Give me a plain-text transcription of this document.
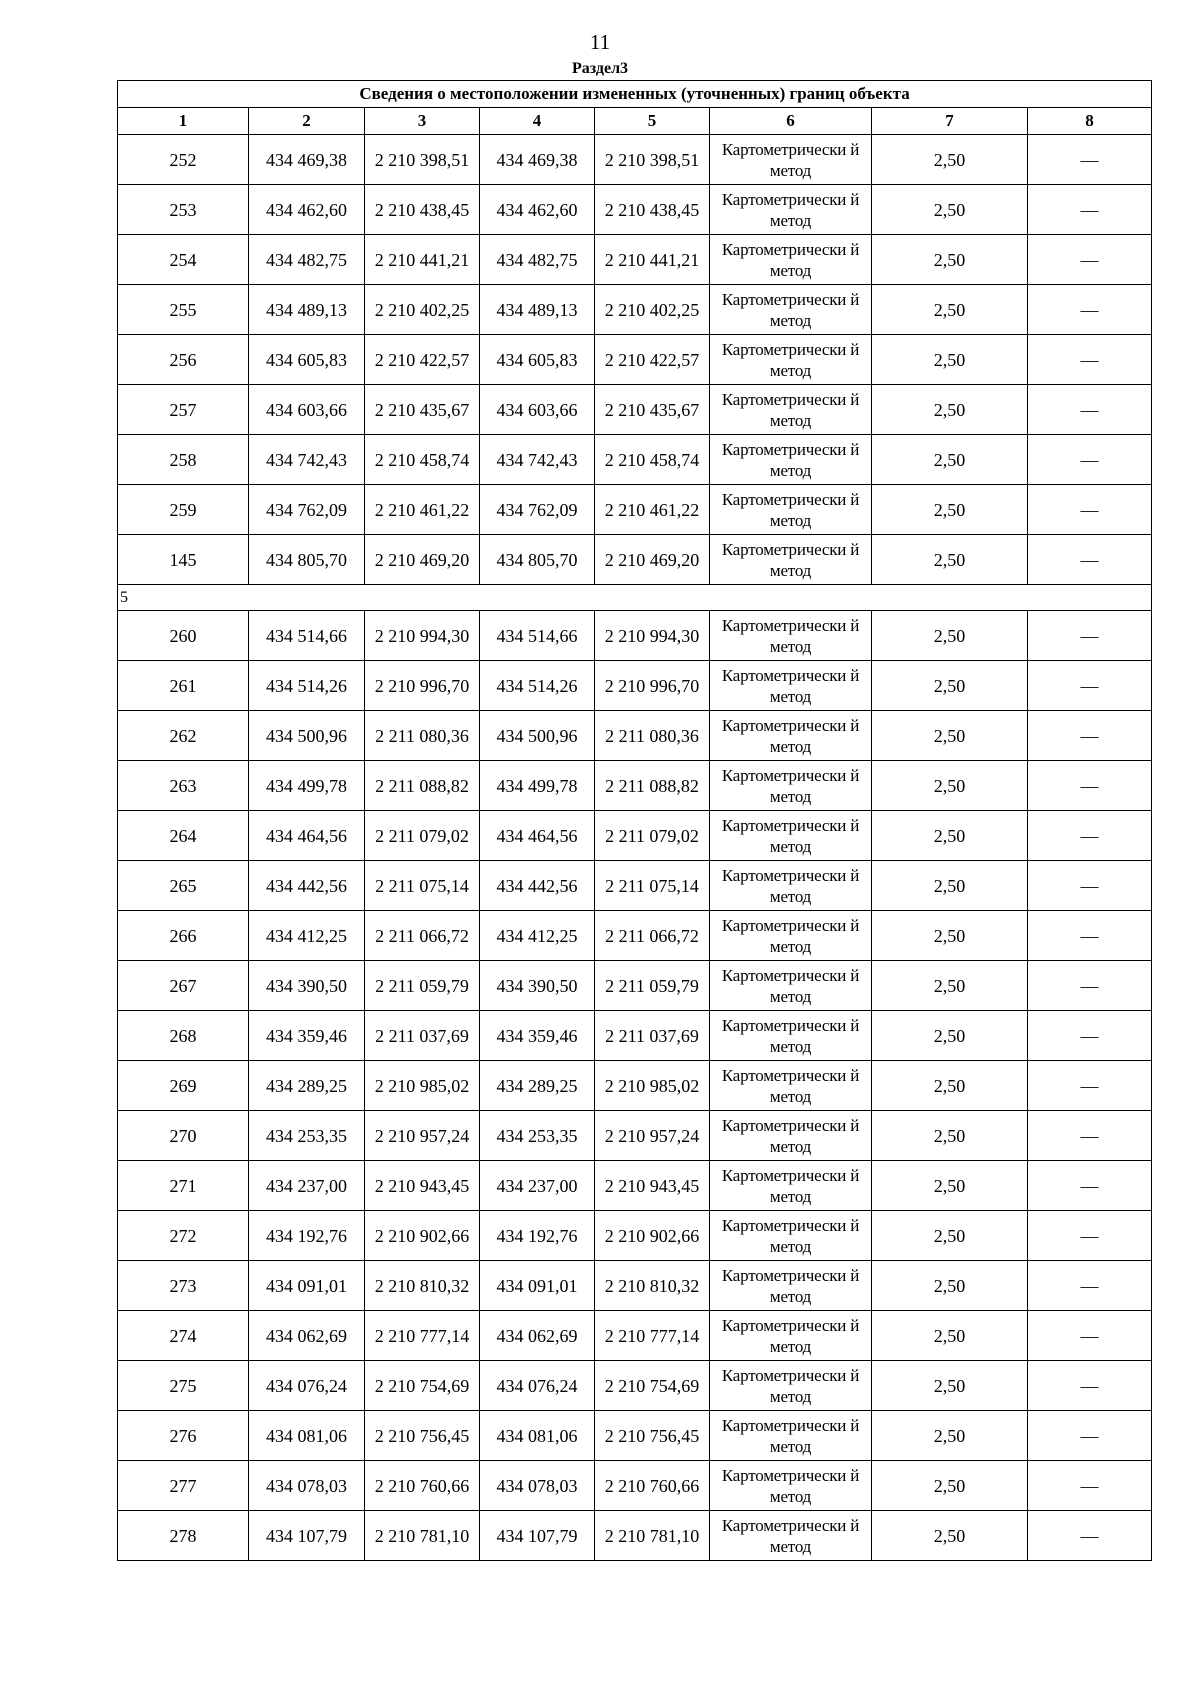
11
Раздел3
Сведения о местоположении измененных (уточненных) границ объекта							
1	2	3	4	5	6	7	8
252	434 469,38	2 210 398,51	434 469,38	2 210 398,51	Картометрически й метод	2,50	—
253	434 462,60	2 210 438,45	434 462,60	2 210 438,45	Картометрически й метод	2,50	—
254	434 482,75	2 210 441,21	434 482,75	2 210 441,21	Картометрически й метод	2,50	—
255	434 489,13	2 210 402,25	434 489,13	2 210 402,25	Картометрически й метод	2,50	—
256	434 605,83	2 210 422,57	434 605,83	2 210 422,57	Картометрически й метод	2,50	—
257	434 603,66	2 210 435,67	434 603,66	2 210 435,67	Картометрически й метод	2,50	—
258	434 742,43	2 210 458,74	434 742,43	2 210 458,74	Картометрически й метод	2,50	—
259	434 762,09	2 210 461,22	434 762,09	2 210 461,22	Картометрически й метод	2,50	—
145	434 805,70	2 210 469,20	434 805,70	2 210 469,20	Картометрически й метод	2,50	—
5							
260	434 514,66	2 210 994,30	434 514,66	2 210 994,30	Картометрически й метод	2,50	—
261	434 514,26	2 210 996,70	434 514,26	2 210 996,70	Картометрически й метод	2,50	—
262	434 500,96	2 211 080,36	434 500,96	2 211 080,36	Картометрически й метод	2,50	—
263	434 499,78	2 211 088,82	434 499,78	2 211 088,82	Картометрически й метод	2,50	—
264	434 464,56	2 211 079,02	434 464,56	2 211 079,02	Картометрически й метод	2,50	—
265	434 442,56	2 211 075,14	434 442,56	2 211 075,14	Картометрически й метод	2,50	—
266	434 412,25	2 211 066,72	434 412,25	2 211 066,72	Картометрически й метод	2,50	—
267	434 390,50	2 211 059,79	434 390,50	2 211 059,79	Картометрически й метод	2,50	—
268	434 359,46	2 211 037,69	434 359,46	2 211 037,69	Картометрически й метод	2,50	—
269	434 289,25	2 210 985,02	434 289,25	2 210 985,02	Картометрически й метод	2,50	—
270	434 253,35	2 210 957,24	434 253,35	2 210 957,24	Картометрически й метод	2,50	—
271	434 237,00	2 210 943,45	434 237,00	2 210 943,45	Картометрически й метод	2,50	—
272	434 192,76	2 210 902,66	434 192,76	2 210 902,66	Картометрически й метод	2,50	—
273	434 091,01	2 210 810,32	434 091,01	2 210 810,32	Картометрически й метод	2,50	—
274	434 062,69	2 210 777,14	434 062,69	2 210 777,14	Картометрически й метод	2,50	—
275	434 076,24	2 210 754,69	434 076,24	2 210 754,69	Картометрически й метод	2,50	—
276	434 081,06	2 210 756,45	434 081,06	2 210 756,45	Картометрически й метод	2,50	—
277	434 078,03	2 210 760,66	434 078,03	2 210 760,66	Картометрически й метод	2,50	—
278	434 107,79	2 210 781,10	434 107,79	2 210 781,10	Картометрически й метод	2,50	—
